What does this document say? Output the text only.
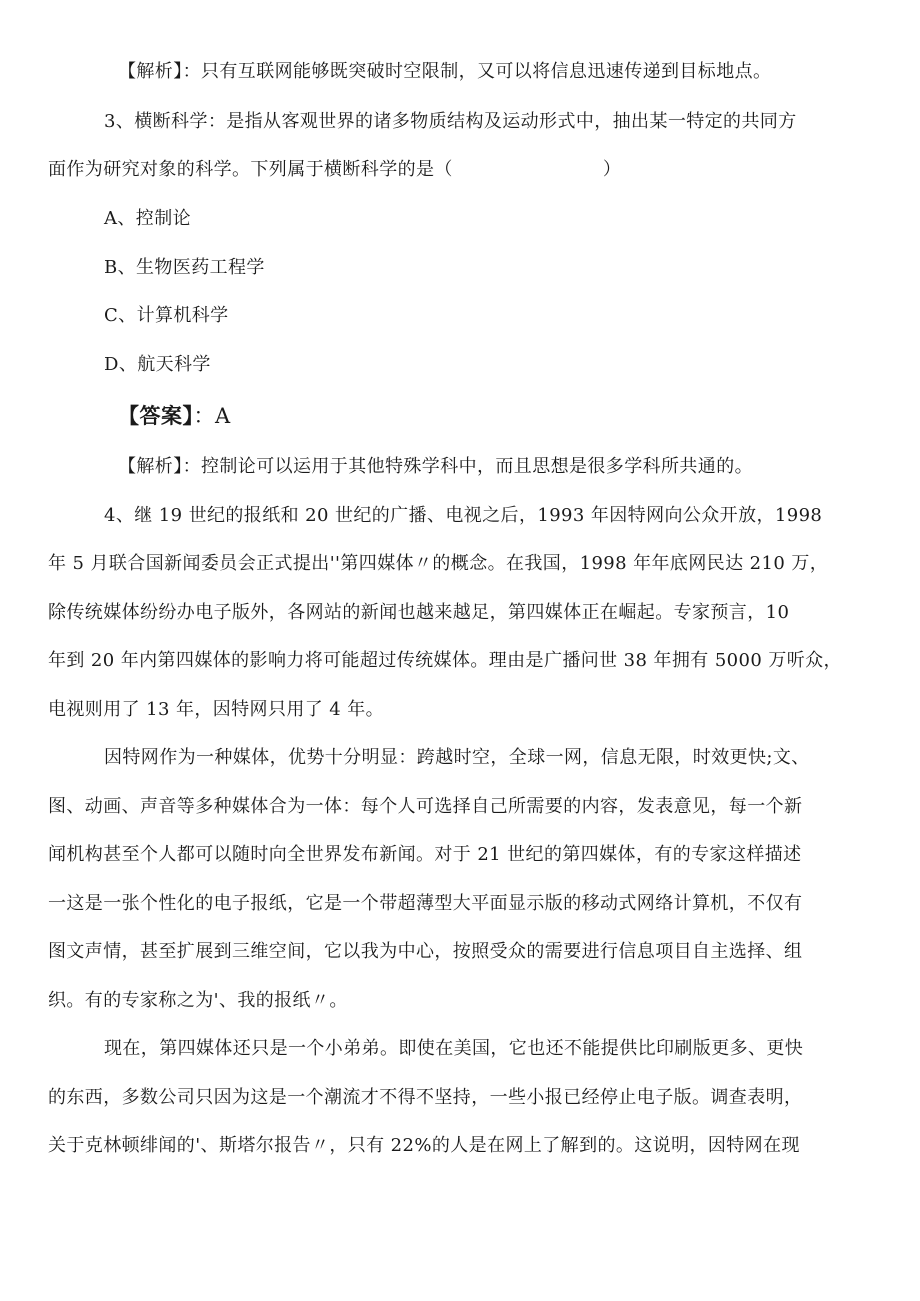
【解析】：只有互联网能够既突破时空限制，又可以将信息迅速传递到目标地点。
3、横断科学：是指从客观世界的诸多物质结构及运动形式中，抽出某一特定的共同方
面作为研究对象的科学。下列属于横断科学的是（	）
A、控制论
B、生物医药工程学
C、计算机科学
D、航天科学
【答案】：A
【解析】：控制论可以运用于其他特殊学科中，而且思想是很多学科所共通的。
4、继 19 世纪的报纸和 20 世纪的广播、电视之后，1993 年因特网向公众开放，1998
年 5 月联合国新闻委员会正式提出''第四媒体〃的概念。在我国，1998 年年底网民达 210 万，
除传统媒体纷纷办电子版外，各网站的新闻也越来越足，第四媒体正在崛起。专家预言，10
年到 20 年内第四媒体的影响力将可能超过传统媒体。理由是广播问世 38 年拥有 5000 万听众，
电视则用了 13 年，因特网只用了 4 年。
因特网作为一种媒体，优势十分明显：跨越时空，全球一网，信息无限，时效更快;文、
图、动画、声音等多种媒体合为一体：每个人可选择自己所需要的内容，发表意见，每一个新
闻机构甚至个人都可以随时向全世界发布新闻。对于 21 世纪的第四媒体，有的专家这样描述
一这是一张个性化的电子报纸，它是一个带超薄型大平面显示版的移动式网络计算机，不仅有
图文声情，甚至扩展到三维空间，它以我为中心，按照受众的需要进行信息项目自主选择、组
织。有的专家称之为'、我的报纸〃。
现在，第四媒体还只是一个小弟弟。即使在美国，它也还不能提供比印刷版更多、更快
的东西，多数公司只因为这是一个潮流才不得不坚持，一些小报已经停止电子版。调查表明，
关于克林顿绯闻的'、斯塔尔报告〃，只有 22%的人是在网上了解到的。这说明，因特网在现
